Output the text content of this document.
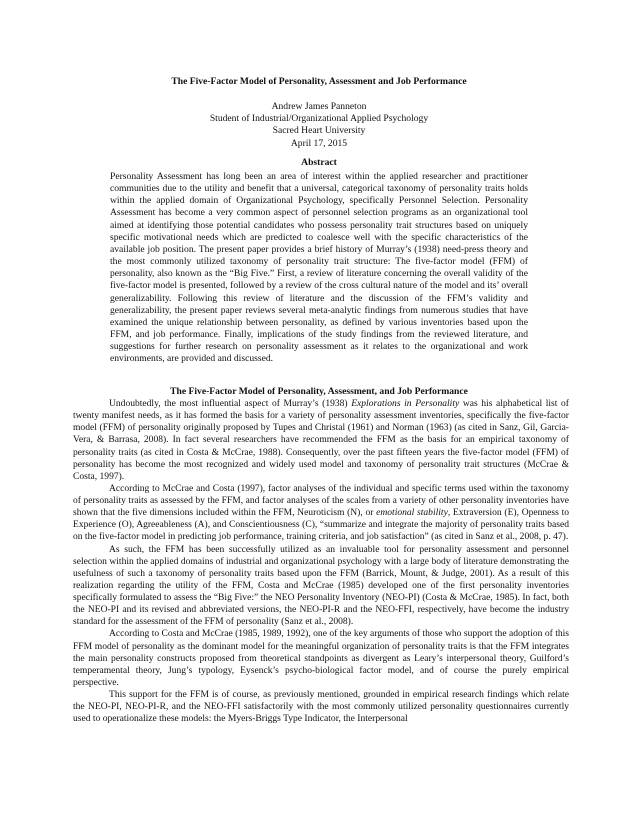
The Five-Factor Model of Personality, Assessment and Job Performance
Andrew James Panneton
Student of Industrial/Organizational Applied Psychology
Sacred Heart University
April 17, 2015
Abstract

Personality Assessment has long been an area of interest within the applied researcher and practitioner communities due to the utility and benefit that a universal, categorical taxonomy of personality traits holds within the applied domain of Organizational Psychology, specifically Personnel Selection. Personality Assessment has become a very common aspect of personnel selection programs as an organizational tool aimed at identifying those potential candidates who possess personality trait structures based on uniquely specific motivational needs which are predicted to coalesce well with the specific characteristics of the available job position. The present paper provides a brief history of Murray’s (1938) need-press theory and the most commonly utilized taxonomy of personality trait structure: The five-factor model (FFM) of personality, also known as the “Big Five.” First, a review of literature concerning the overall validity of the five-factor model is presented, followed by a review of the cross cultural nature of the model and its’ overall generalizability. Following this review of literature and the discussion of the FFM’s validity and generalizability, the present paper reviews several meta-analytic findings from numerous studies that have examined the unique relationship between personality, as defined by various inventories based upon the FFM, and job performance. Finally, implications of the study findings from the reviewed literature, and suggestions for further research on personality assessment as it relates to the organizational and work environments, are provided and discussed.

The Five-Factor Model of Personality, Assessment, and Job Performance

Undoubtedly, the most influential aspect of Murray’s (1938) Explorations in Personality was his alphabetical list of twenty manifest needs, as it has formed the basis for a variety of personality assessment inventories, specifically the five-factor model (FFM) of personality originally proposed by Tupes and Christal (1961) and Norman (1963) (as cited in Sanz, Gil, Garcia-Vera, & Barrasa, 2008). In fact several researchers have recommended the FFM as the basis for an empirical taxonomy of personality traits (as cited in Costa & McCrae, 1988). Consequently, over the past fifteen years the five-factor model (FFM) of personality has become the most recognized and widely used model and taxonomy of personality trait structures (McCrae & Costa, 1997).

According to McCrae and Costa (1997), factor analyses of the individual and specific terms used within the taxonomy of personality traits as assessed by the FFM, and factor analyses of the scales from a variety of other personality inventories have shown that the five dimensions included within the FFM, Neuroticism (N), or emotional stability, Extraversion (E), Openness to Experience (O), Agreeableness (A), and Conscientiousness (C), “summarize and integrate the majority of personality traits based on the five-factor model in predicting job performance, training criteria, and job satisfaction” (as cited in Sanz et al., 2008, p. 47).

As such, the FFM has been successfully utilized as an invaluable tool for personality assessment and personnel selection within the applied domains of industrial and organizational psychology with a large body of literature demonstrating the usefulness of such a taxonomy of personality traits based upon the FFM (Barrick, Mount, & Judge, 2001). As a result of this realization regarding the utility of the FFM, Costa and McCrae (1985) developed one of the first personality inventories specifically formulated to assess the “Big Five:” the NEO Personality Inventory (NEO-PI) (Costa & McCrae, 1985). In fact, both the NEO-PI and its revised and abbreviated versions, the NEO-PI-R and the NEO-FFI, respectively, have become the industry standard for the assessment of the FFM of personality (Sanz et al., 2008).

According to Costa and McCrae (1985, 1989, 1992), one of the key arguments of those who support the adoption of this FFM model of personality as the dominant model for the meaningful organization of personality traits is that the FFM integrates the main personality constructs proposed from theoretical standpoints as divergent as Leary’s interpersonal theory, Guilford’s temperamental theory, Jung’s typology, Eysenck’s psycho-biological factor model, and of course the purely empirical perspective.

This support for the FFM is of course, as previously mentioned, grounded in empirical research findings which relate the NEO-PI, NEO-PI-R, and the NEO-FFI satisfactorily with the most commonly utilized personality questionnaires currently used to operationalize these models: the Myers-Briggs Type Indicator, the Interpersonal
